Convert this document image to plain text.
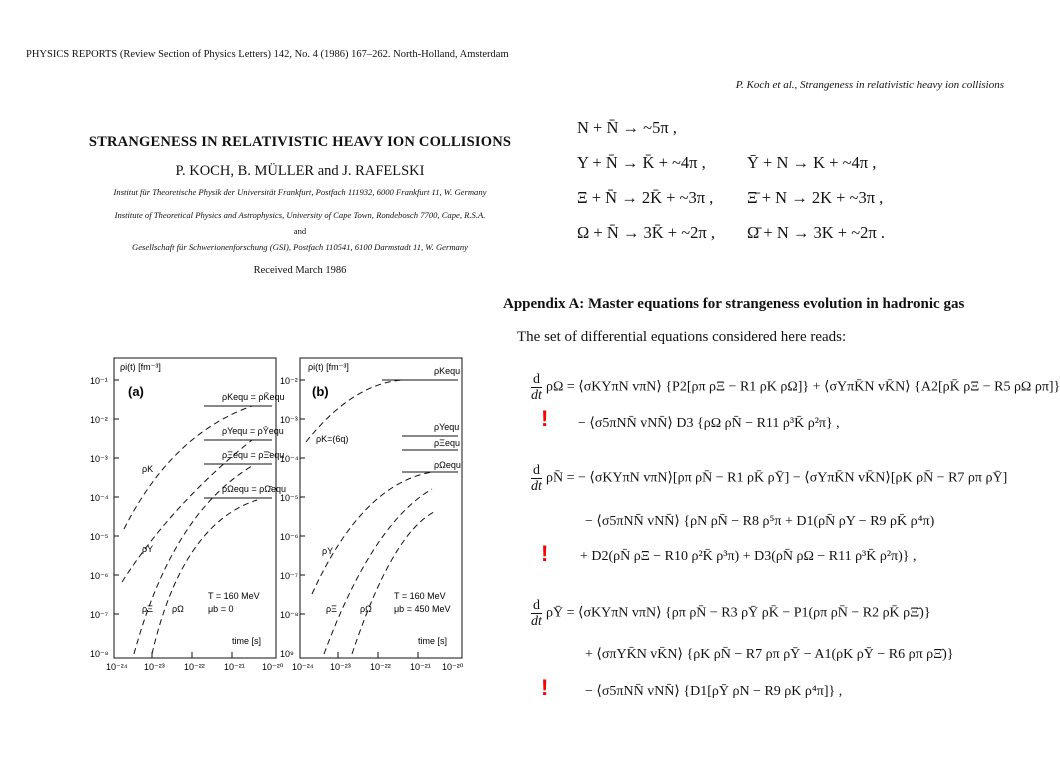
PHYSICS REPORTS (Review Section of Physics Letters) 142, No. 4 (1986) 167–262. North-Holland, Amsterdam
P. Koch et al., Strangeness in relativistic heavy ion collisions
STRANGENESS IN RELATIVISTIC HEAVY ION COLLISIONS
P. KOCH, B. MÜLLER and J. RAFELSKI
Institut für Theoretische Physik der Universität Frankfurt, Postfach 111932, 6000 Frankfurt 11, W. Germany
Institute of Theoretical Physics and Astrophysics, University of Cape Town, Rondebosch 7700, Cape, R.S.A.
and
Gesellschaft für Schwerionenforschung (GSI), Postfach 110541, 6100 Darmstadt 11, W. Germany
Received March 1986
N + N̄ → ~5π ,
Y + N̄ → K̄ + ~4π ,	Ȳ + N → K + ~4π ,
Ξ + N̄ → 2K̄ + ~3π ,	Ξ̄ + N → 2K + ~3π ,
Ω + N̄ → 3K̄ + ~2π ,	Ω̄ + N → 3K + ~2π .
Appendix A: Master equations for strangeness evolution in hadronic gas
The set of differential equations considered here reads:
$\frac{d}{dt}$ ρΩ = ⟨σKYπN vπN⟩ {P2[ρπ ρΞ − R1 ρK ρΩ]} + ⟨σΥπK̄N vK̄N⟩ {A2[ρK̄ ρΞ − R5 ρΩ ρπ]}
! − ⟨σ5πNN̄ vNN̄⟩ D3 {ρΩ ρN̄ − R11 ρ³K̄ ρ²π} ,
$\frac{d}{dt}$ ρN̄ = − ⟨σKYπN vπN⟩[ρπ ρN̄ − R1 ρK̄ ρȲ] − ⟨σYπK̄N vK̄N⟩[ρK ρN̄ − R7 ρπ ρȲ]
− ⟨σ5πNN̄ vNN̄⟩ {ρN ρN̄ − R8 ρ⁵π + D1(ρN̄ ρY − R9 ρK̄ ρ⁴π)
! + D2(ρN̄ ρΞ − R10 ρ²K̄ ρ³π) + D3(ρN̄ ρΩ − R11 ρ³K̄ ρ²π)} ,
$\frac{d}{dt}$ ρȲ = ⟨σKYπN vπN⟩ {ρπ ρN̄ − R3 ρȲ ρK̄ − P1(ρπ ρN̄ − R2 ρK̄ ρΞ̄)}
+ ⟨σπYK̄N vK̄N⟩ {ρK ρN̄ − R7 ρπ ρȲ − A1(ρK ρȲ − R6 ρπ ρΞ̄)}
!	− ⟨σ5πNN̄ vNN̄⟩ {D1[ρȲ ρN − R9 ρK ρ⁴π]} ,
10⁻¹
10⁻²
10⁻³
10⁻⁴
10⁻⁵
10⁻⁶
10⁻⁷
10⁻⁸
10⁻²
10⁻³
10⁻⁴
10⁻⁵
10⁻⁶
10⁻⁷
10⁻⁸
10⁹
10⁻²⁴ 10⁻²³ 10⁻²² 10⁻²¹ 10⁻²⁰ 10⁻²⁴ 10⁻²³ 10⁻²² 10⁻²¹ 10⁻²⁰
ρi(t) [fm⁻³]
(a)
ρi(t) [fm⁻³]
(b)
ρKequ = ρK̄equ
ρYequ = ρȲequ
ρΞequ = ρΞ̄equ
ρΩequ = ρΩ̄equ
ρK
ρY
ρΞ ρΩ
T = 160 MeV
μb = 0
time [s]
ρKequ
ρYequ
ρΞequ
ρΩequ
ρK=(6q)
ρY
ρΞ	ρΩ
T = 160 MeV
μb = 450 MeV
time [s]
